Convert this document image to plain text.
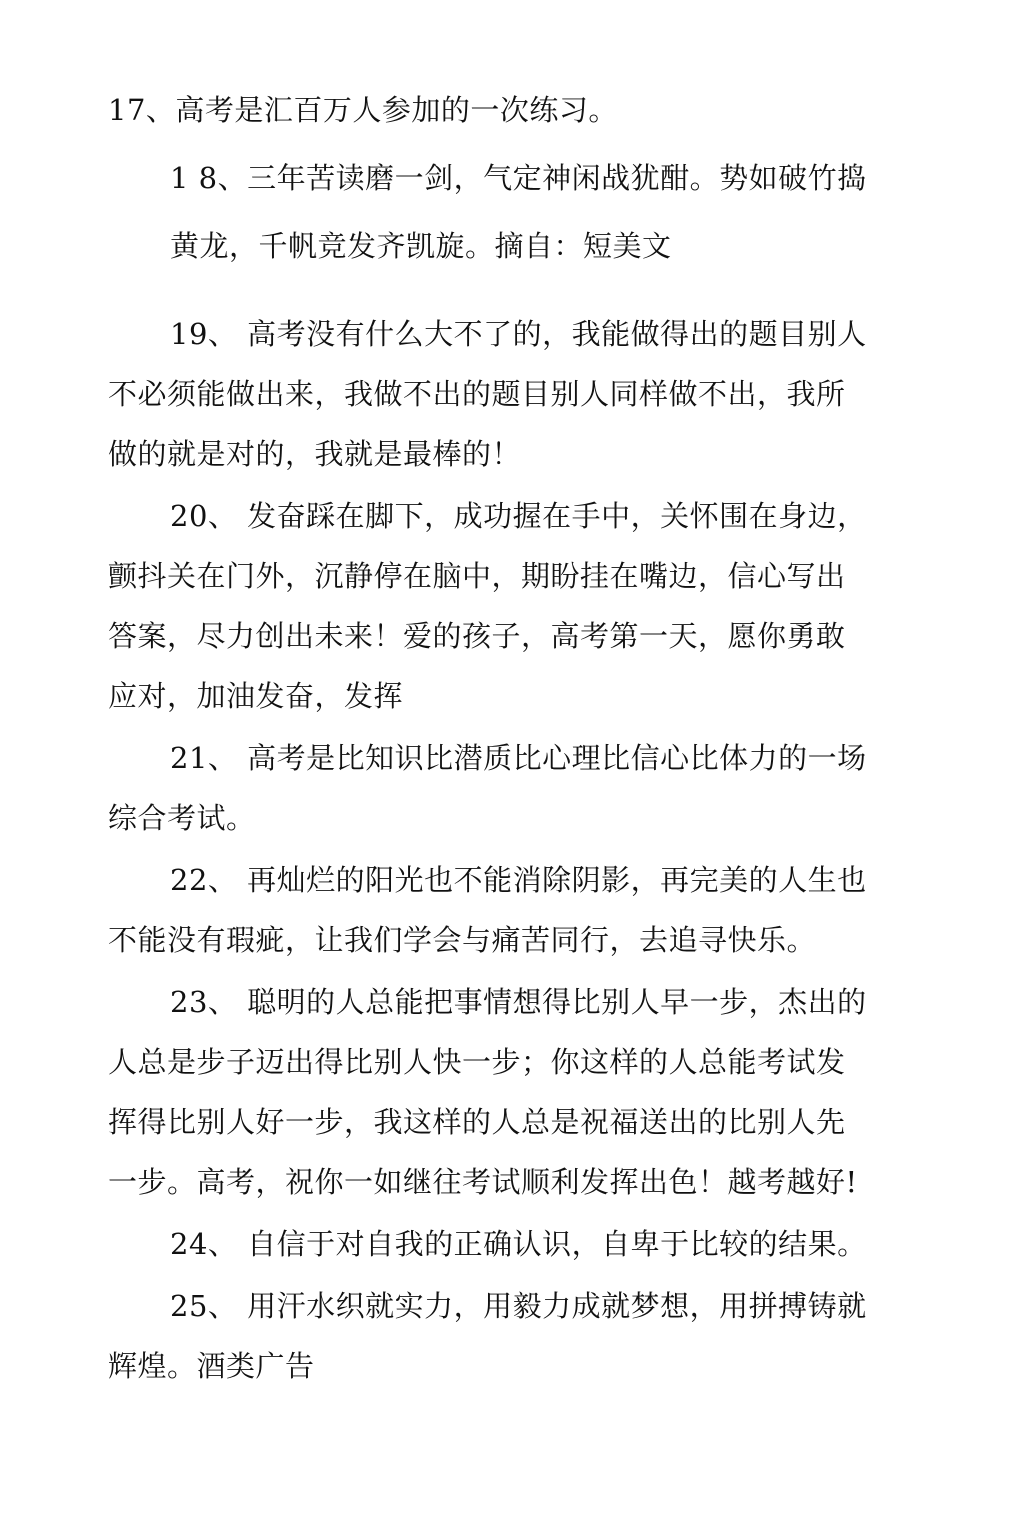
17、高考是汇百万人参加的一次练习。

1 8、三年苦读磨一剑，气定神闲战犹酣。势如破竹捣

黄龙，千帆竞发齐凯旋。摘自：短美文

19、 高考没有什么大不了的，我能做得出的题目别人

不必须能做出来，我做不出的题目别人同样做不出，我所

做的就是对的，我就是最棒的！

20、 发奋踩在脚下，成功握在手中，关怀围在身边，

颤抖关在门外，沉静停在脑中，期盼挂在嘴边，信心写出

答案，尽力创出未来！爱的孩子，高考第一天，愿你勇敢

应对，加油发奋，发挥

21、 高考是比知识比潜质比心理比信心比体力的一场

综合考试。

22、 再灿烂的阳光也不能消除阴影，再完美的人生也

不能没有瑕疵，让我们学会与痛苦同行，去追寻快乐。

23、 聪明的人总能把事情想得比别人早一步，杰出的

人总是步子迈出得比别人快一步；你这样的人总能考试发

挥得比别人好一步，我这样的人总是祝福送出的比别人先

一步。高考，祝你一如继往考试顺利发挥出色！越考越好!

24、 自信于对自我的正确认识，自卑于比较的结果。

25、 用汗水织就实力，用毅力成就梦想，用拼搏铸就

辉煌。酒类广告
